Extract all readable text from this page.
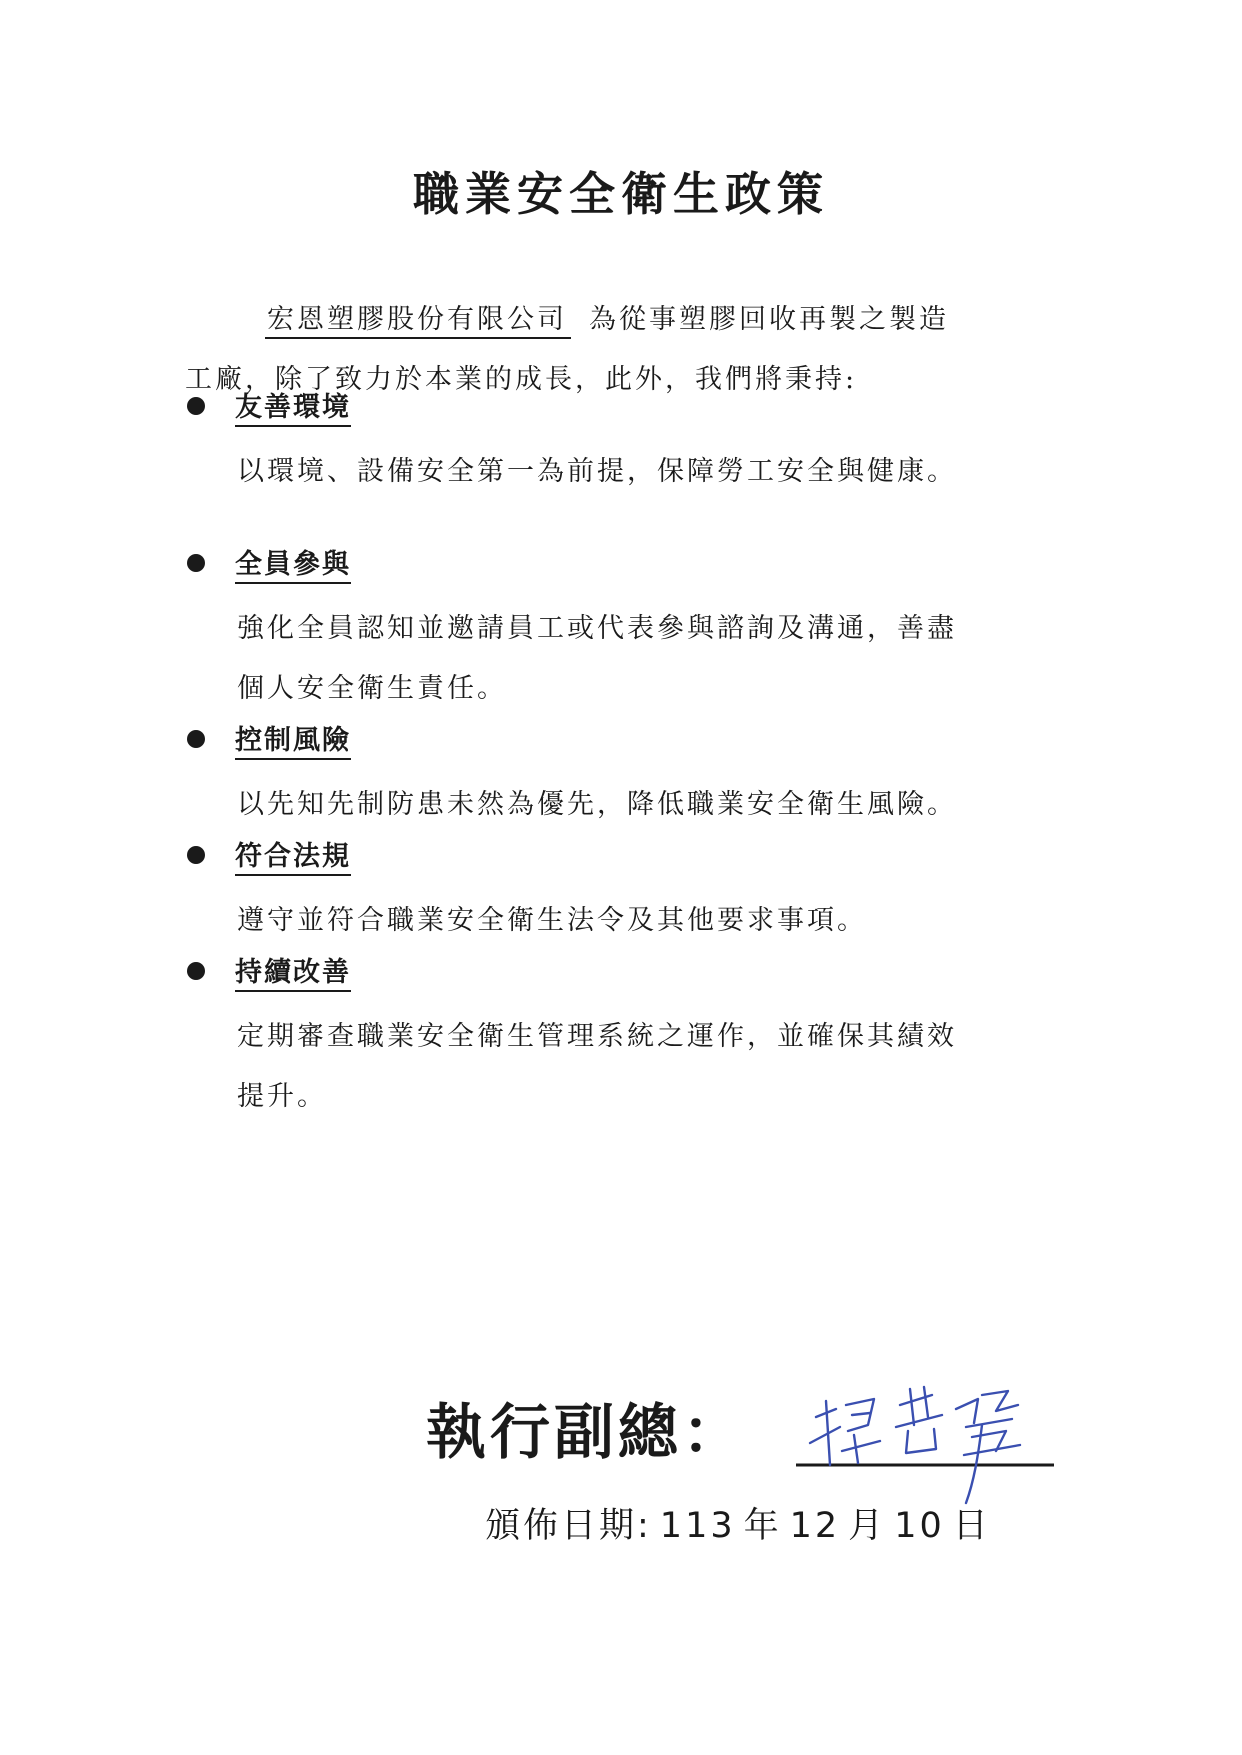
職業安全衛生政策
宏恩塑膠股份有限公司 為從事塑膠回收再製之製造
工廠，除了致力於本業的成長，此外，我們將秉持:
友善環境
以環境、設備安全第一為前提，保障勞工安全與健康。
全員參與
強化全員認知並邀請員工或代表參與諮詢及溝通，善盡
個人安全衛生責任。
控制風險
以先知先制防患未然為優先，降低職業安全衛生風險。
符合法規
遵守並符合職業安全衛生法令及其他要求事項。
持續改善
定期審查職業安全衛生管理系統之運作，並確保其績效
提升。
執行副總：
頒佈日期: 113 年 12 月 10 日
